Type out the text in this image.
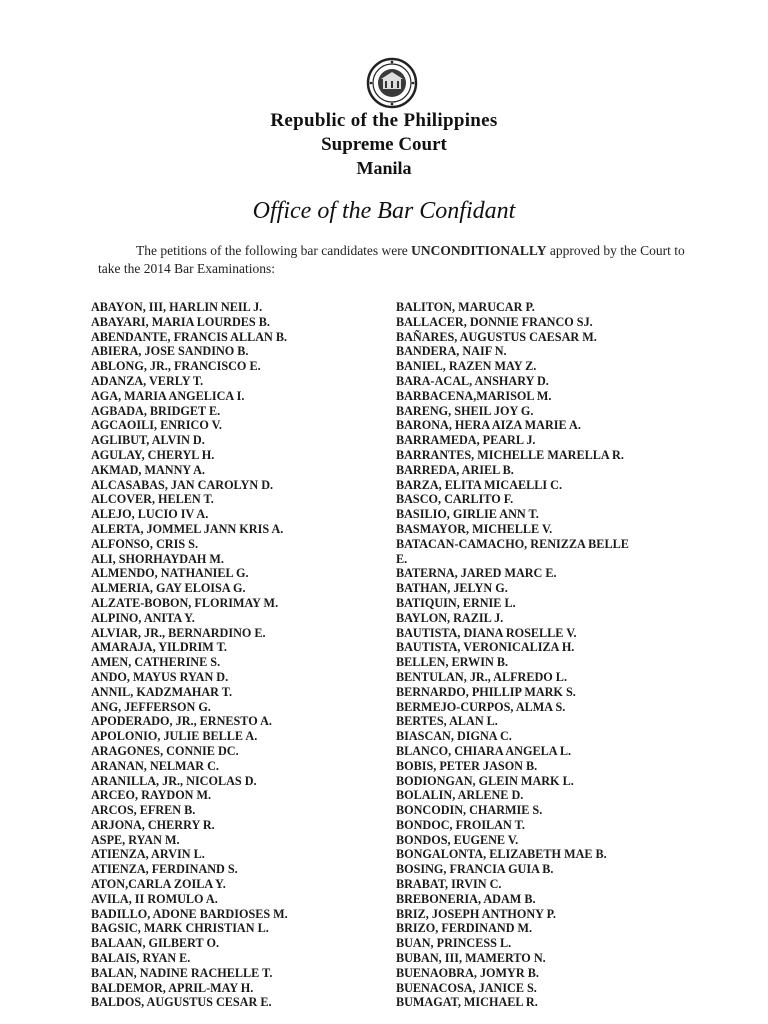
Republic of the Philippines
Supreme Court
Manila
Office of the Bar Confidant
The petitions of the following bar candidates were UNCONDITIONALLY approved by the Court to take the 2014 Bar Examinations:
ABAYON, III, HARLIN NEIL J.
ABAYARI, MARIA LOURDES B.
ABENDANTE, FRANCIS ALLAN B.
ABIERA, JOSE SANDINO B.
ABLONG, JR., FRANCISCO E.
ADANZA, VERLY T.
AGA, MARIA ANGELICA I.
AGBADA, BRIDGET E.
AGCAOILI, ENRICO V.
AGLIBUT, ALVIN D.
AGULAY, CHERYL H.
AKMAD, MANNY A.
ALCASABAS, JAN CAROLYN D.
ALCOVER, HELEN T.
ALEJO, LUCIO IV A.
ALERTA, JOMMEL JANN KRIS A.
ALFONSO, CRIS S.
ALI, SHORHAYDAH M.
ALMENDO, NATHANIEL G.
ALMERIA, GAY ELOISA G.
ALZATE-BOBON, FLORIMAY M.
ALPINO, ANITA Y.
ALVIAR, JR., BERNARDINO E.
AMARAJA, YILDRIM T.
AMEN, CATHERINE S.
ANDO, MAYUS RYAN D.
ANNIL, KADZMAHAR T.
ANG, JEFFERSON G.
APODERADO, JR., ERNESTO A.
APOLONIO, JULIE BELLE A.
ARAGONES, CONNIE DC.
ARANAN, NELMAR C.
ARANILLA, JR., NICOLAS D.
ARCEO, RAYDON M.
ARCOS, EFREN B.
ARJONA, CHERRY R.
ASPE, RYAN M.
ATIENZA, ARVIN L.
ATIENZA, FERDINAND S.
ATON,CARLA ZOILA Y.
AVILA, II ROMULO A.
BADILLO, ADONE BARDIOSES M.
BAGSIC, MARK CHRISTIAN L.
BALAAN, GILBERT O.
BALAIS, RYAN E.
BALAN, NADINE RACHELLE T.
BALDEMOR, APRIL-MAY H.
BALDOS, AUGUSTUS CESAR E.
BALITON, MARUCAR P.
BALLACER, DONNIE FRANCO SJ.
BAÑARES, AUGUSTUS CAESAR M.
BANDERA, NAIF N.
BANIEL, RAZEN MAY Z.
BARA-ACAL, ANSHARY D.
BARBACENA,MARISOL M.
BARENG, SHEIL JOY G.
BARONA, HERA AIZA MARIE A.
BARRAMEDA, PEARL J.
BARRANTES, MICHELLE MARELLA R.
BARREDA, ARIEL B.
BARZA, ELITA MICAELLI C.
BASCO, CARLITO F.
BASILIO, GIRLIE ANN T.
BASMAYOR, MICHELLE V.
BATACAN-CAMACHO, RENIZZA BELLE
E.
BATERNA, JARED MARC E.
BATHAN, JELYN G.
BATIQUIN, ERNIE L.
BAYLON, RAZIL J.
BAUTISTA, DIANA ROSELLE V.
BAUTISTA, VERONICALIZA H.
BELLEN, ERWIN B.
BENTULAN, JR., ALFREDO L.
BERNARDO, PHILLIP MARK S.
BERMEJO-CURPOS, ALMA S.
BERTES, ALAN L.
BIASCAN, DIGNA C.
BLANCO, CHIARA ANGELA L.
BOBIS, PETER JASON B.
BODIONGAN, GLEIN MARK L.
BOLALIN, ARLENE D.
BONCODIN, CHARMIE S.
BONDOC, FROILAN T.
BONDOS, EUGENE V.
BONGALONTA, ELIZABETH MAE B.
BOSING, FRANCIA GUIA B.
BRABAT, IRVIN C.
BREBONERIA, ADAM B.
BRIZ, JOSEPH ANTHONY P.
BRIZO, FERDINAND M.
BUAN, PRINCESS L.
BUBAN, III, MAMERTO N.
BUENAOBRA, JOMYR B.
BUENACOSA, JANICE S.
BUMAGAT, MICHAEL R.
